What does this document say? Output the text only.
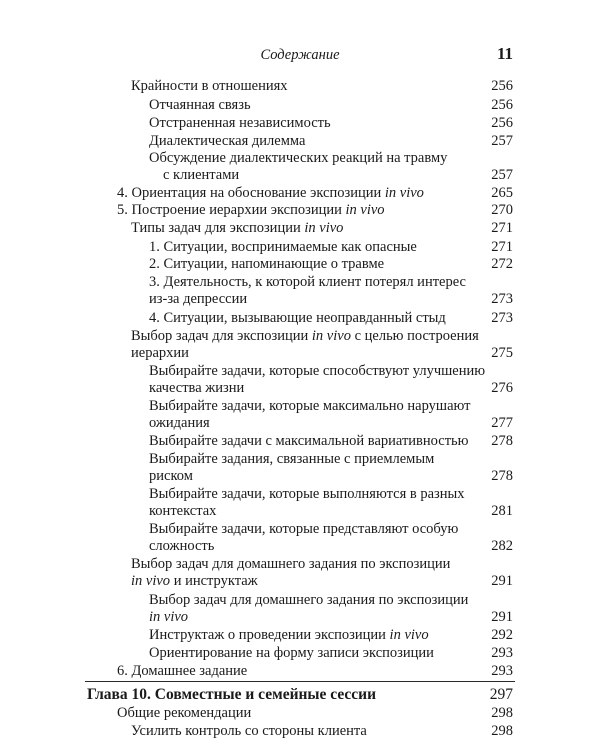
Содержание	11
Крайности в отношениях	256
Отчаянная связь	256
Отстраненная независимость	256
Диалектическая дилемма	257
Обсуждение диалектических реакций на травму
с клиентами	257
4. Ориентация на обоснование экспозиции in vivo	265
5. Построение иерархии экспозиции in vivo	270
Типы задач для экспозиции in vivo	271
1. Ситуации, воспринимаемые как опасные	271
2. Ситуации, напоминающие о травме	272
3. Деятельность, к которой клиент потерял интерес
из-за депрессии	273
4. Ситуации, вызывающие неоправданный стыд	273
Выбор задач для экспозиции in vivo с целью построения
иерархии	275
Выбирайте задачи, которые способствуют улучшению
качества жизни	276
Выбирайте задачи, которые максимально нарушают
ожидания	277
Выбирайте задачи с максимальной вариативностью	278
Выбирайте задания, связанные с приемлемым
риском	278
Выбирайте задачи, которые выполняются в разных
контекстах	281
Выбирайте задачи, которые представляют особую
сложность	282
Выбор задач для домашнего задания по экспозиции
in vivo и инструктаж	291
Выбор задач для домашнего задания по экспозиции
in vivo	291
Инструктаж о проведении экспозиции in vivo	292
Ориентирование на форму записи экспозиции	293
6. Домашнее задание	293
Глава 10. Совместные и семейные сессии	297
Общие рекомендации	298
Усилить контроль со стороны клиента	298
